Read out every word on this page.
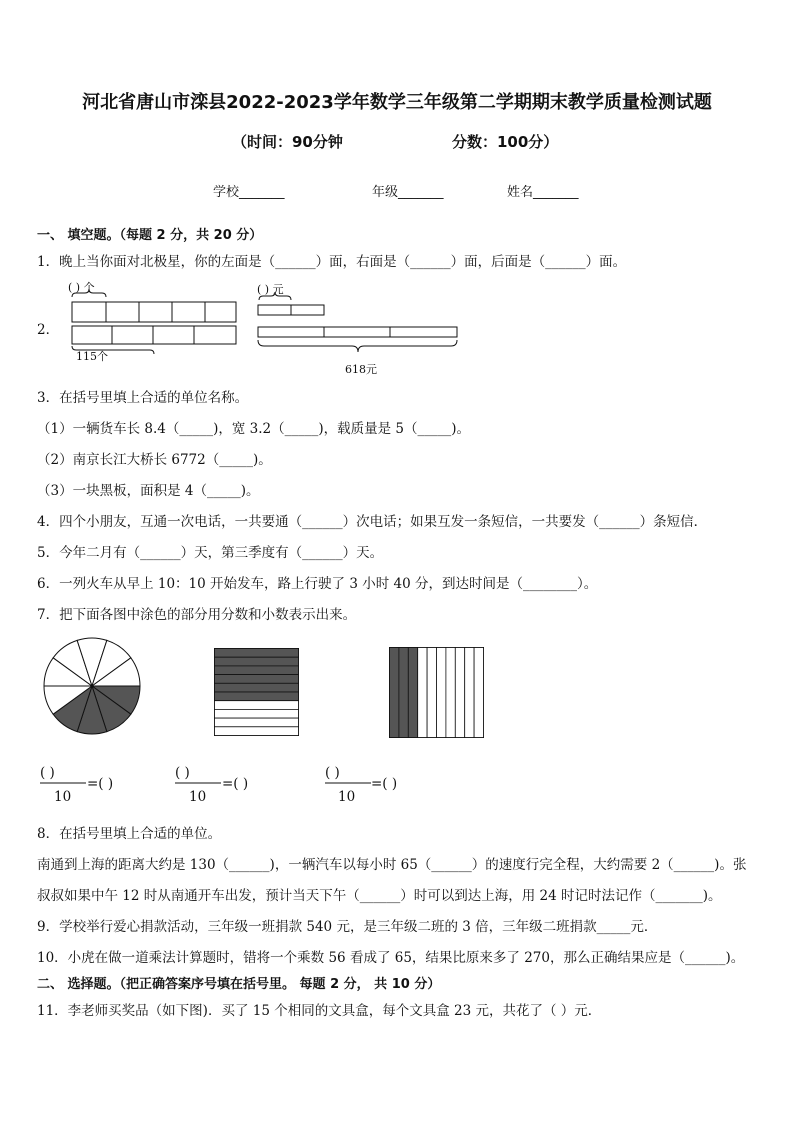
河北省唐山市滦县2022-2023学年数学三年级第二学期期末教学质量检测试题
（时间：90分钟	分数：100分）
学校_______	年级_______	姓名_______
一、 填空题。（每题 2 分，共 20 分）
1．晚上当你面对北极星，你的左面是（______）面，右面是（______）面，后面是（______）面。
2．
( ) 个
115个
( ) 元
618元
3．在括号里填上合适的单位名称。
（1）一辆货车长 8.4（_____)，宽 3.2（_____)，载质量是 5（_____)。
（2）南京长江大桥长 6772（_____)。
（3）一块黑板，面积是 4（_____)。
4．四个小朋友，互通一次电话，一共要通（______）次电话；如果互发一条短信，一共要发（______）条短信．
5．今年二月有（______）天，第三季度有（______）天。
6．一列火车从早上 10：10 开始发车，路上行驶了 3 小时 40 分，到达时间是（________）。
7．把下面各图中涂色的部分用分数和小数表示出来。
( )
10
=( )
( )
10
=( )
( )
10
=( )
8．在括号里填上合适的单位。
南通到上海的距离大约是 130（______)，一辆汽车以每小时 65（______）的速度行完全程，大约需要 2（______)。张
叔叔如果中午 12 时从南通开车出发，预计当天下午（______）时可以到达上海，用 24 时记时法记作（_______)。
9．学校举行爱心捐款活动，三年级一班捐款 540 元，是三年级二班的 3 倍，三年级二班捐款_____元．
10．小虎在做一道乘法计算题时，错将一个乘数 56 看成了 65，结果比原来多了 270，那么正确结果应是（______)。
二、 选择题。（把正确答案序号填在括号里。 每题 2 分， 共 10 分）
11．李老师买奖品（如下图)．买了 15 个相同的文具盒，每个文具盒 23 元，共花了（ ）元．
